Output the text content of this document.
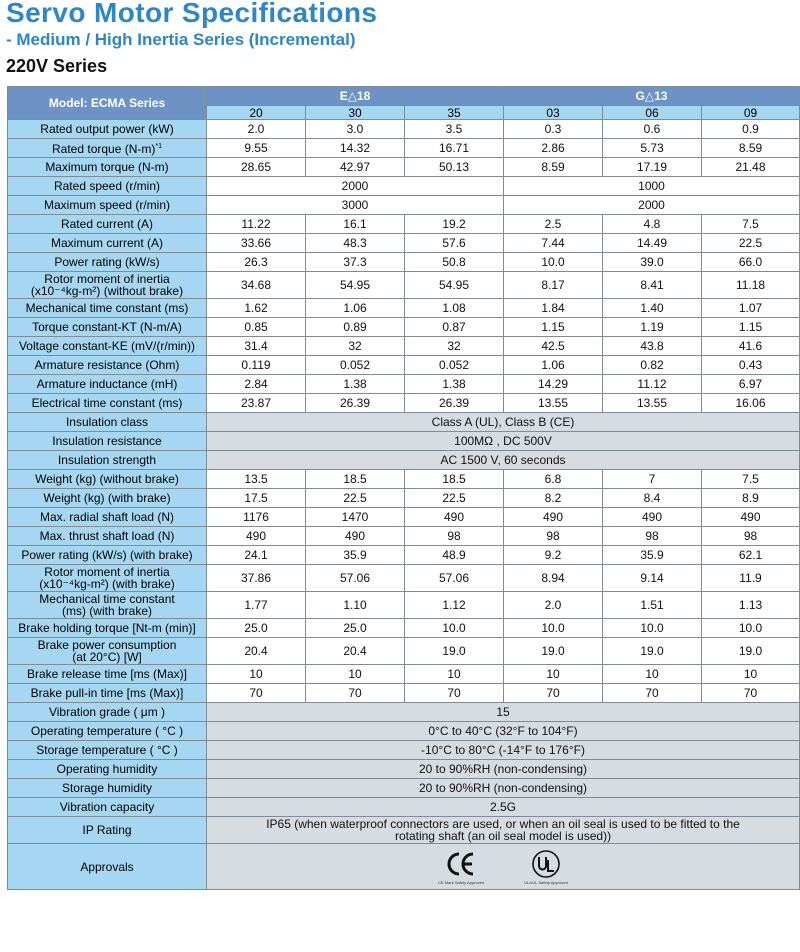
Servo Motor Specifications
- Medium / High Inertia Series (Incremental)
220V Series
Model: ECMA Series	E△18			G△13		
	20	30	35	03	06	09
Rated output power (kW)	2.0	3.0	3.5	0.3	0.6	0.9
Rated torque $(N-m)^{*1}$	9.55	14.32	16.71	2.86	5.73	8.59
Maximum torque (N-m)	28.65	42.97	50.13	8.59	17.19	21.48
Rated speed (r/min)	2000			1000		
Maximum speed (r/min)	3000			2000		
Rated current (A)	11.22	16.1	19.2	2.5	4.8	7.5
Maximum current (A)	33.66	48.3	57.6	7.44	14.49	22.5
Power rating (kW/s)	26.3	37.3	50.8	10.0	39.0	66.0
Rotor moment of inertia
(x10⁻⁴kg-m²) (without brake)	34.68	54.95	54.95	8.17	8.41	11.18
Mechanical time constant (ms)	1.62	1.06	1.08	1.84	1.40	1.07
Torque constant-KT (N-m/A)	0.85	0.89	0.87	1.15	1.19	1.15
Voltage constant-KE (mV/(r/min))	31.4	32	32	42.5	43.8	41.6
Armature resistance (Ohm)	0.119	0.052	0.052	1.06	0.82	0.43
Armature inductance (mH)	2.84	1.38	1.38	14.29	11.12	6.97
Electrical time constant (ms)	23.87	26.39	26.39	13.55	13.55	16.06
Insulation class	Class A (UL), Class B (CE)					
Insulation resistance	100MΩ , DC 500V					
Insulation strength	AC 1500 V, 60 seconds					
Weight (kg) (without brake)	13.5	18.5	18.5	6.8	7	7.5
Weight (kg) (with brake)	17.5	22.5	22.5	8.2	8.4	8.9
Max. radial shaft load (N)	1176	1470	490	490	490	490
Max. thrust shaft load (N)	490	490	98	98	98	98
Power rating (kW/s) (with brake)	24.1	35.9	48.9	9.2	35.9	62.1
Rotor moment of inertia
(x10⁻⁴kg-m²) (with brake)	37.86	57.06	57.06	8.94	9.14	11.9
Mechanical time constant
(ms) (with brake)	1.77	1.10	1.12	2.0	1.51	1.13
Brake holding torque [Nt-m (min)]	25.0	25.0	10.0	10.0	10.0	10.0
Brake power consumption
(at 20°C) [W]	20.4	20.4	19.0	19.0	19.0	19.0
Brake release time [ms (Max)]	10	10	10	10	10	10
Brake pull-in time [ms (Max)]	70	70	70	70	70	70
Vibration grade ( μm )	15					
Operating temperature ( °C )	0°C to 40°C (32°F to 104°F)					
Storage temperature ( °C )	-10°C to 80°C (-14°F to 176°F)					
Operating humidity	20 to 90%RH (non-condensing)					
Storage humidity	20 to 90%RH (non-condensing)					
Vibration capacity	2.5G					
IP Rating	IP65 (when waterproof connectors are used, or when an oil seal is used to be fitted to the
rotating shaft (an oil seal model is used))					
Approvals	CE Mark Safety Approved UL/cUL Safety Approved					
